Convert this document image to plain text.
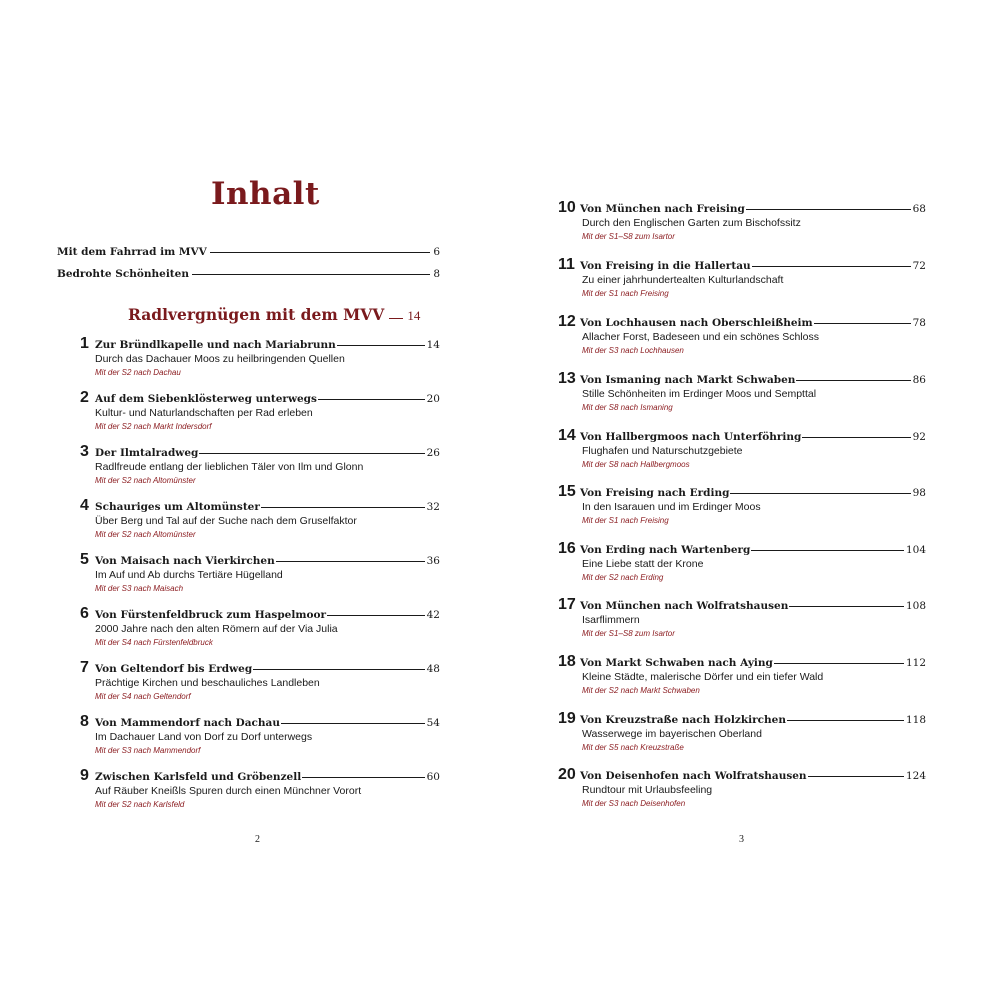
Inhalt
Mit dem Fahrrad im MVV	6
Bedrohte Schönheiten	8
Radlvergnügen mit dem MVV 14
1 Zur Bründlkapelle und nach Mariabrunn	14
Durch das Dachauer Moos zu heilbringenden Quellen
Mit der S2 nach Dachau
2 Auf dem Siebenklösterweg unterwegs	20
Kultur- und Naturlandschaften per Rad erleben
Mit der S2 nach Markt Indersdorf
3 Der Ilmtalradweg	26
Radlfreude entlang der lieblichen Täler von Ilm und Glonn
Mit der S2 nach Altomünster
4 Schauriges um Altomünster	32
Über Berg und Tal auf der Suche nach dem Gruselfaktor
Mit der S2 nach Altomünster
5 Von Maisach nach Vierkirchen	36
Im Auf und Ab durchs Tertiäre Hügelland
Mit der S3 nach Maisach
6 Von Fürstenfeldbruck zum Haspelmoor	42
2000 Jahre nach den alten Römern auf der Via Julia
Mit der S4 nach Fürstenfeldbruck
7 Von Geltendorf bis Erdweg	48
Prächtige Kirchen und beschauliches Landleben
Mit der S4 nach Geltendorf
8 Von Mammendorf nach Dachau	54
Im Dachauer Land von Dorf zu Dorf unterwegs
Mit der S3 nach Mammendorf
9 Zwischen Karlsfeld und Gröbenzell	60
Auf Räuber Kneißls Spuren durch einen Münchner Vorort
Mit der S2 nach Karlsfeld
2
10 Von München nach Freising	68
Durch den Englischen Garten zum Bischofssitz
Mit der S1–S8 zum Isartor
11 Von Freising in die Hallertau	72
Zu einer jahrhundertealten Kulturlandschaft
Mit der S1 nach Freising
12 Von Lochhausen nach Oberschleißheim	78
Allacher Forst, Badeseen und ein schönes Schloss
Mit der S3 nach Lochhausen
13 Von Ismaning nach Markt Schwaben	86
Stille Schönheiten im Erdinger Moos und Sempttal
Mit der S8 nach Ismaning
14 Von Hallbergmoos nach Unterföhring	92
Flughafen und Naturschutzgebiete
Mit der S8 nach Hallbergmoos
15 Von Freising nach Erding	98
In den Isarauen und im Erdinger Moos
Mit der S1 nach Freising
16 Von Erding nach Wartenberg	104
Eine Liebe statt der Krone
Mit der S2 nach Erding
17 Von München nach Wolfratshausen	108
Isarflimmern
Mit der S1–S8 zum Isartor
18 Von Markt Schwaben nach Aying	112
Kleine Städte, malerische Dörfer und ein tiefer Wald
Mit der S2 nach Markt Schwaben
19 Von Kreuzstraße nach Holzkirchen	118
Wasserwege im bayerischen Oberland
Mit der S5 nach Kreuzstraße
20 Von Deisenhofen nach Wolfratshausen	124
Rundtour mit Urlaubsfeeling
Mit der S3 nach Deisenhofen
3
